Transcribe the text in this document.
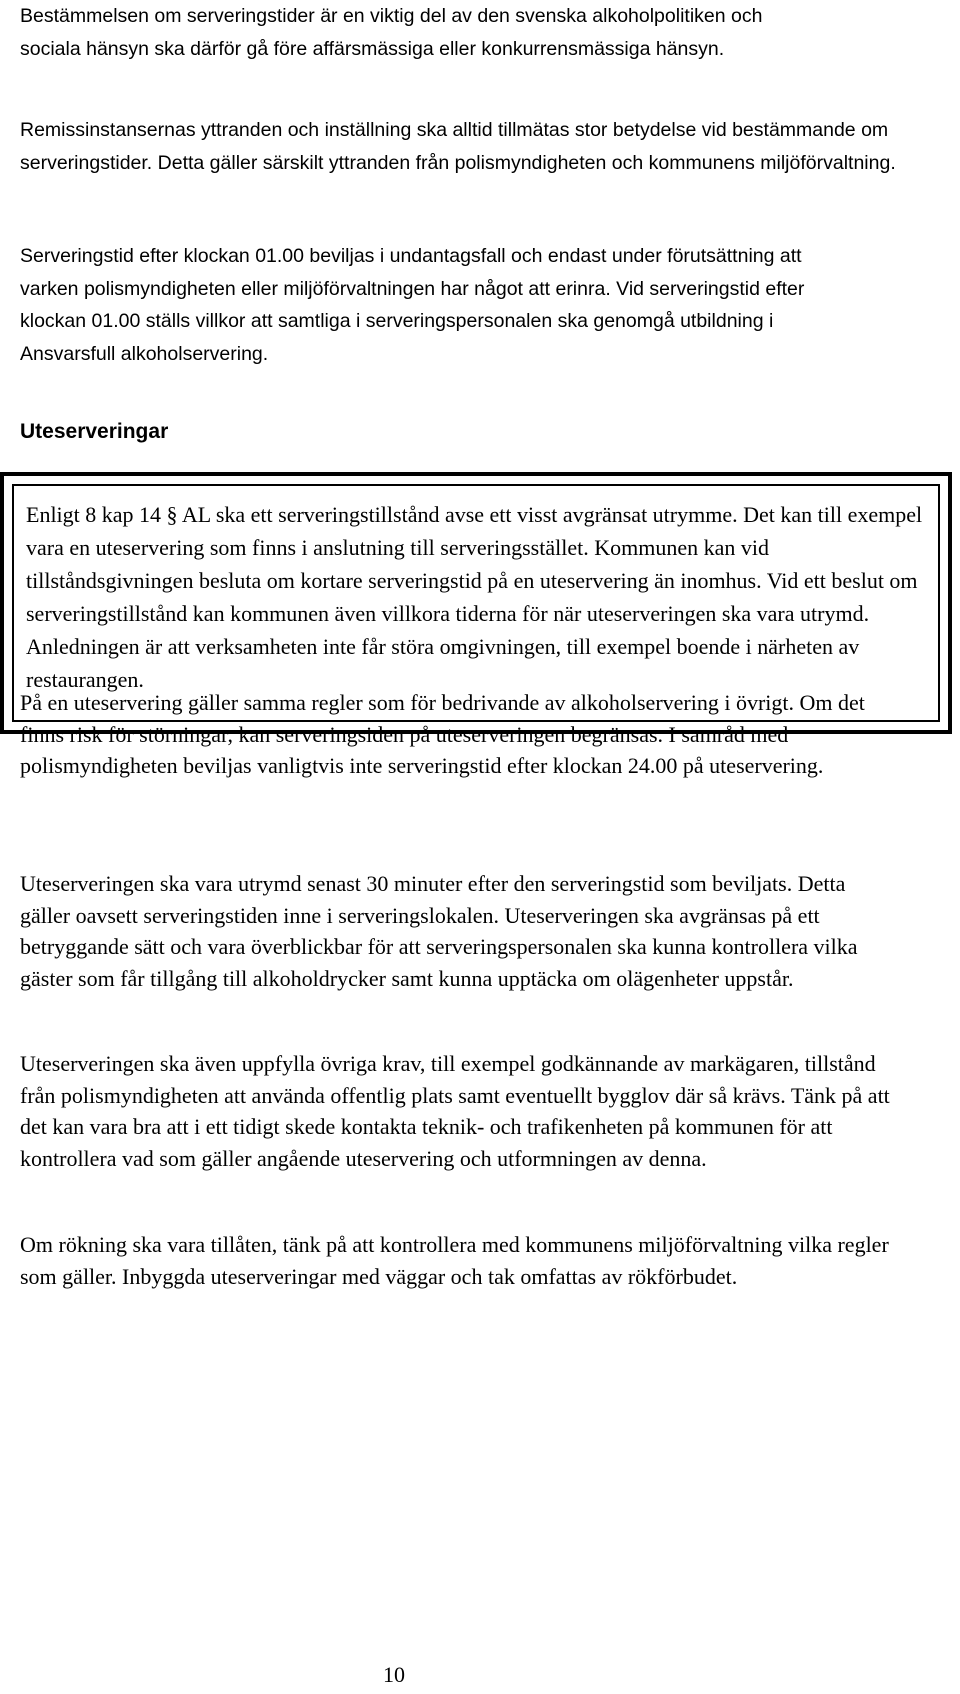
Bestämmelsen om serveringstider är en viktig del av den svenska alkoholpolitiken och sociala hänsyn ska därför gå före affärsmässiga eller konkurrensmässiga hänsyn.

Remissinstansernas yttranden och inställning ska alltid tillmätas stor betydelse vid bestämmande om serveringstider. Detta gäller särskilt yttranden från polismyndigheten och kommunens miljöförvaltning.

Serveringstid efter klockan 01.00 beviljas i undantagsfall och endast under förutsättning att varken polismyndigheten eller miljöförvaltningen har något att erinra. Vid serveringstid efter klockan 01.00 ställs villkor att samtliga i serveringspersonalen ska genomgå utbildning i Ansvarsfull alkoholservering.

Uteserveringar

Enligt 8 kap 14 § AL ska ett serveringstillstånd avse ett visst avgränsat utrymme. Det kan till exempel vara en uteservering som finns i anslutning till serveringsstället. Kommunen kan vid tillståndsgivningen besluta om kortare serveringstid på en uteservering än inomhus. Vid ett beslut om serveringstillstånd kan kommunen även villkora tiderna för när uteserveringen ska vara utrymd. Anledningen är att verksamheten inte får störa omgivningen, till exempel boende i närheten av restaurangen.

På en uteservering gäller samma regler som för bedrivande av alkoholservering i övrigt. Om det finns risk för störningar, kan serveringsiden på uteserveringen begränsas. I samråd med polismyndigheten beviljas vanligtvis inte serveringstid efter klockan 24.00 på uteservering.

Uteserveringen ska vara utrymd senast 30 minuter efter den serveringstid som beviljats. Detta gäller oavsett serveringstiden inne i serveringslokalen. Uteserveringen ska avgränsas på ett betryggande sätt och vara överblickbar för att serveringspersonalen ska kunna kontrollera vilka gäster som får tillgång till alkoholdrycker samt kunna upptäcka om olägenheter uppstår.

Uteserveringen ska även uppfylla övriga krav, till exempel godkännande av markägaren, tillstånd från polismyndigheten att använda offentlig plats samt eventuellt bygglov där så krävs. Tänk på att det kan vara bra att i ett tidigt skede kontakta teknik- och trafikenheten på kommunen för att kontrollera vad som gäller angående uteservering och utformningen av denna.

Om rökning ska vara tillåten, tänk på att kontrollera med kommunens miljöförvaltning vilka regler som gäller. Inbyggda uteserveringar med väggar och tak omfattas av rökförbudet.

10
